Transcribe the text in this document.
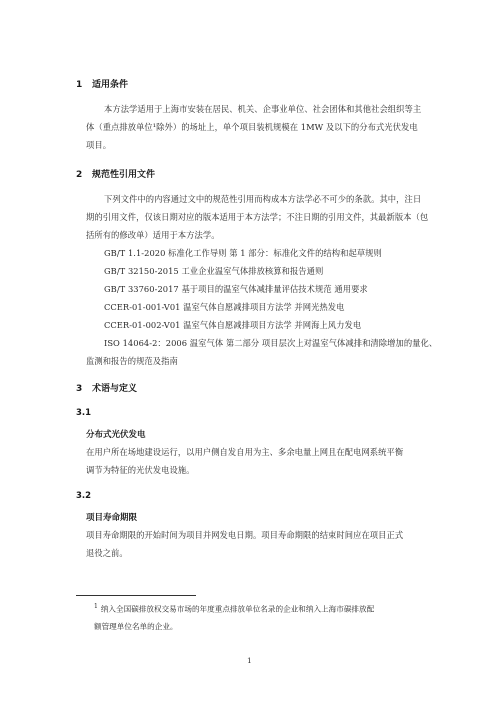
1 适用条件
本方法学适用于上海市安装在居民、机关、企事业单位、社会团体和其他社会组织等主
体（重点排放单位¹除外）的场址上，单个项目装机规模在 1MW 及以下的分布式光伏发电
项目。
2 规范性引用文件
下列文件中的内容通过文中的规范性引用而构成本方法学必不可少的条款。其中，注日
期的引用文件，仅该日期对应的版本适用于本方法学；不注日期的引用文件，其最新版本（包
括所有的修改单）适用于本方法学。
GB/T 1.1-2020 标准化工作导则 第 1 部分：标准化文件的结构和起草规则
GB/T 32150-2015 工业企业温室气体排放核算和报告通则
GB/T 33760-2017 基于项目的温室气体减排量评估技术规范 通用要求
CCER-01-001-V01 温室气体自愿减排项目方法学 并网光热发电
CCER-01-002-V01 温室气体自愿减排项目方法学 并网海上风力发电
ISO 14064-2：2006 温室气体 第二部分 项目层次上对温室气体减排和清除增加的量化、
监测和报告的规范及指南
3 术语与定义
3.1
分布式光伏发电
在用户所在场地建设运行，以用户侧自发自用为主、多余电量上网且在配电网系统平衡
调节为特征的光伏发电设施。
3.2
项目寿命期限
项目寿命期限的开始时间为项目并网发电日期。项目寿命期限的结束时间应在项目正式
退役之前。
$^1$ 纳入全国碳排放权交易市场的年度重点排放单位名录的企业和纳入上海市碳排放配
额管理单位名单的企业。
1
